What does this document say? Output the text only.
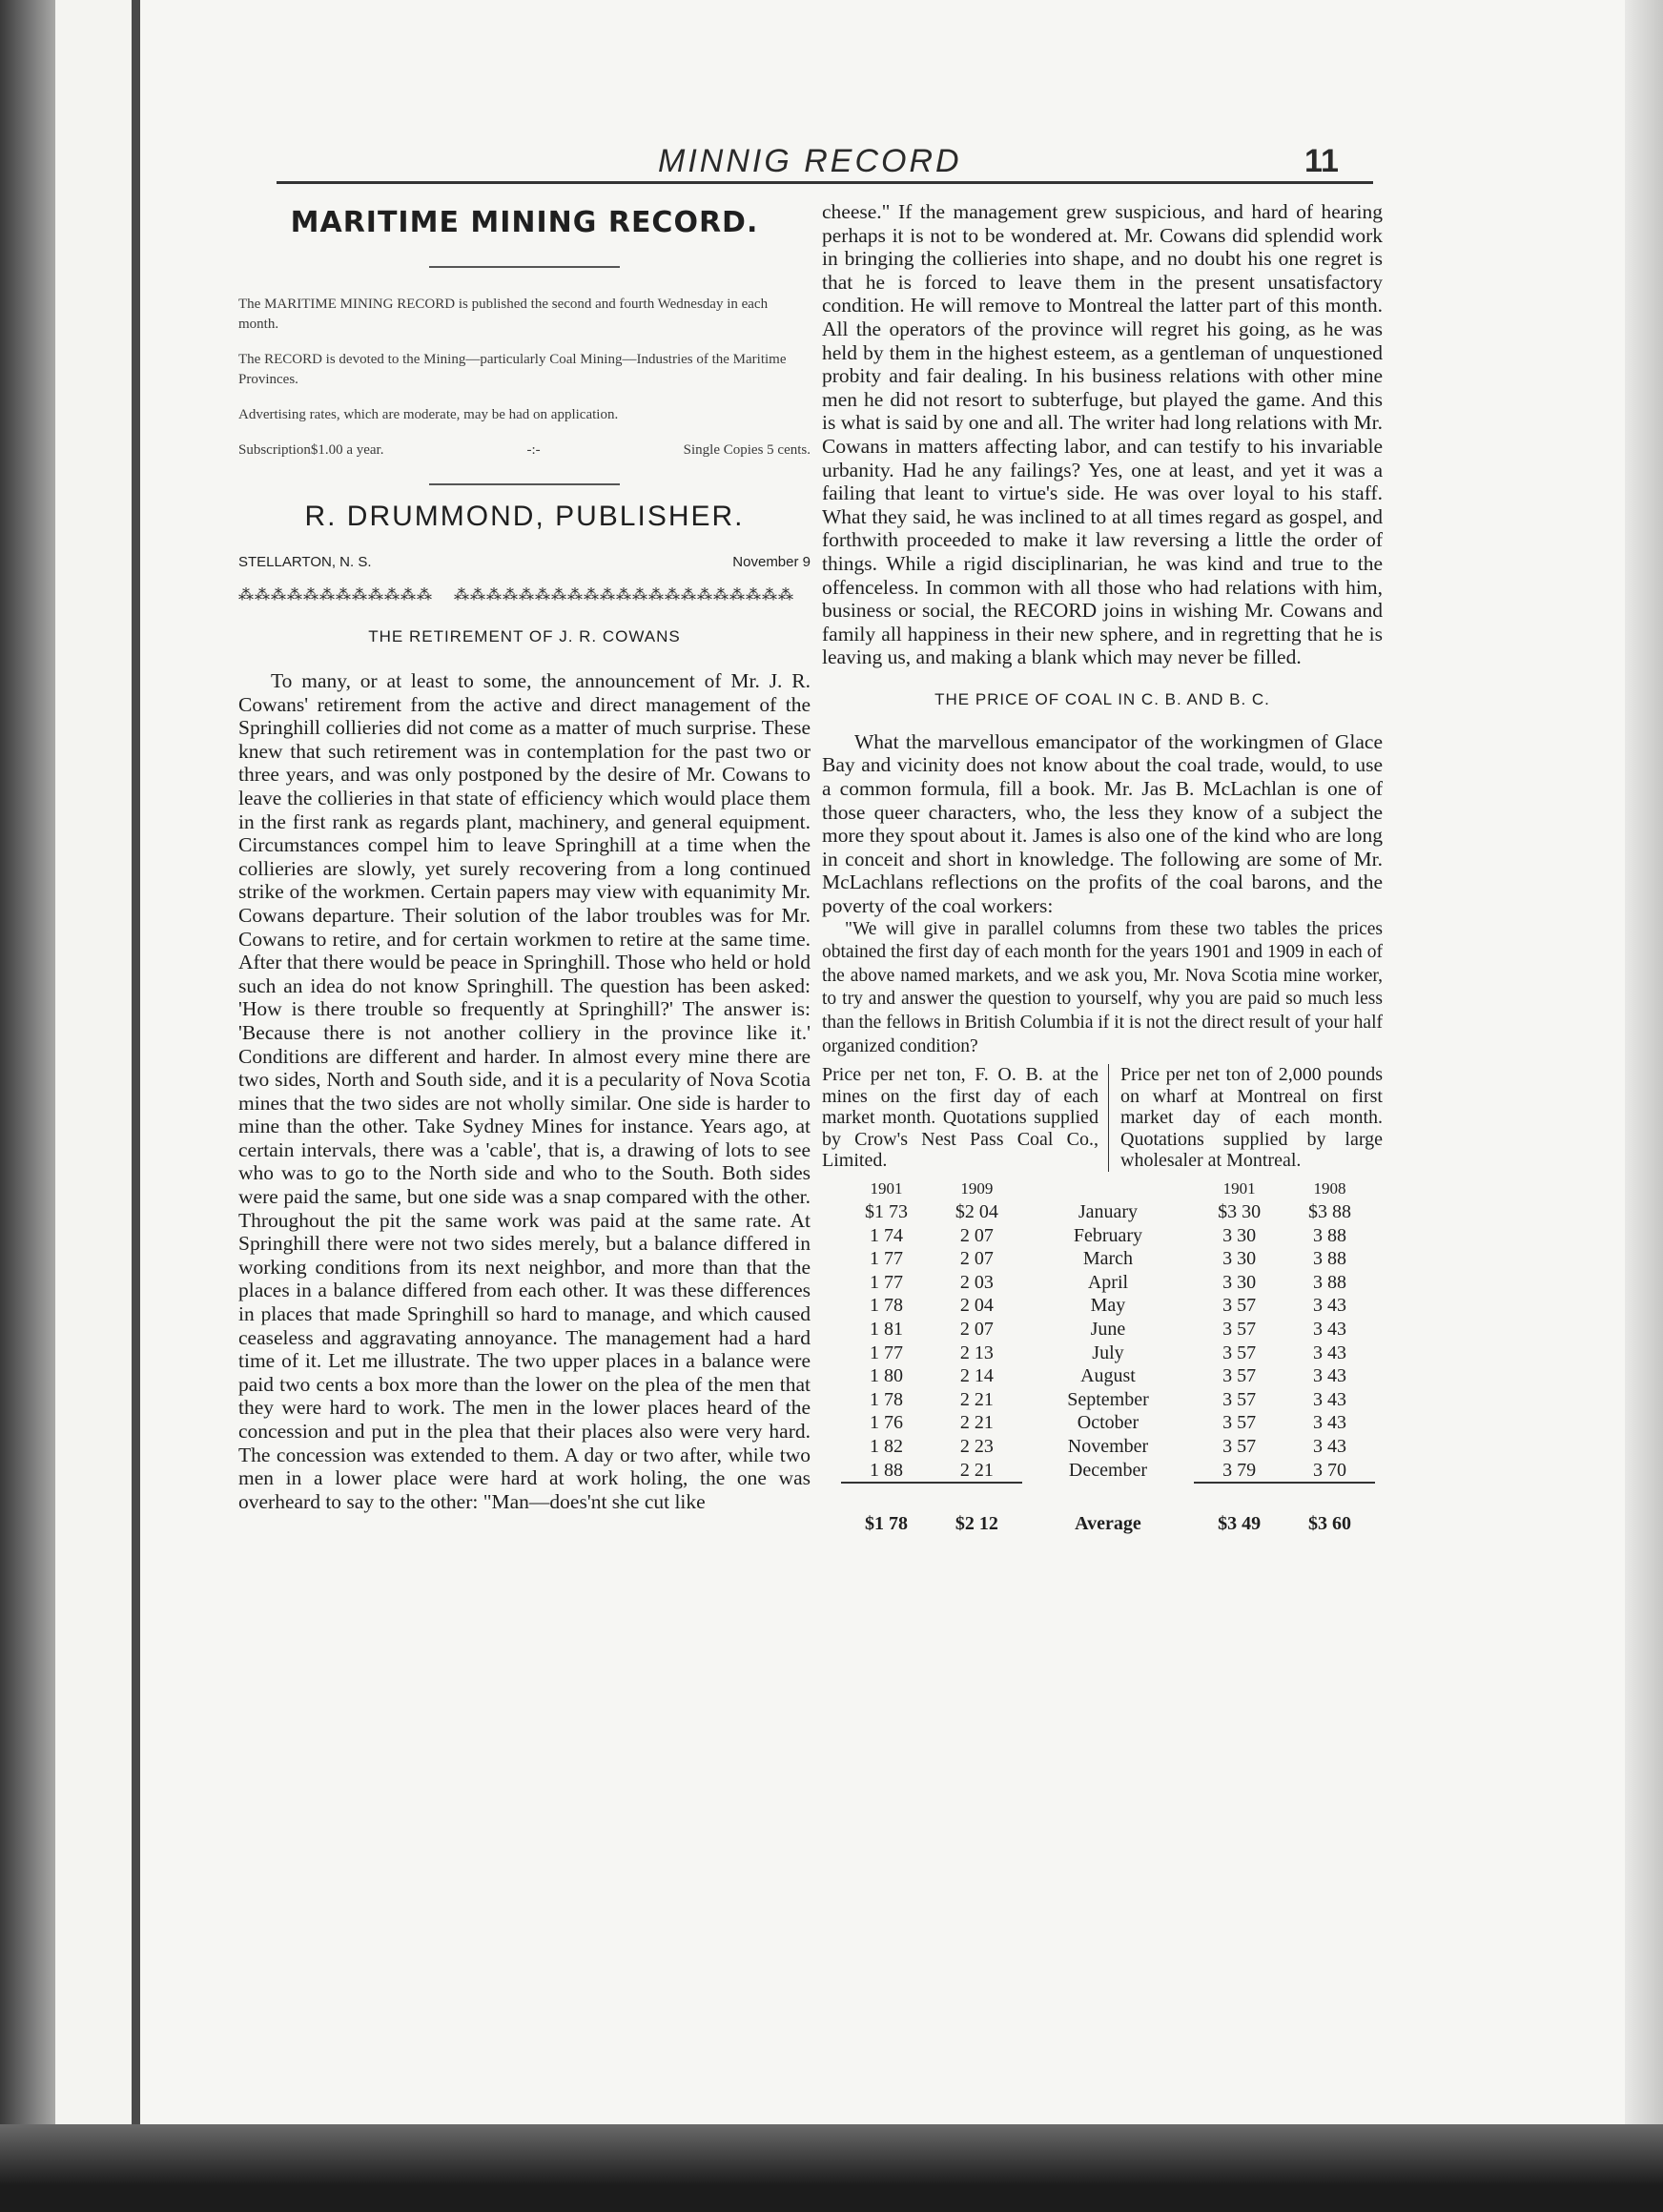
MINNIG RECORD	11
MARITIME MINING RECORD.

The MARITIME MINING RECORD is published the second and fourth Wednesday in each month.

The RECORD is devoted to the Mining—particularly Coal Mining—Industries of the Maritime Provinces.

Advertising rates, which are moderate, may be had on application.

Subscription$1.00 a year.	-:-	Single Copies 5 cents.
R. DRUMMOND, PUBLISHER.
STELLARTON, N. S.	November 9
⁂⁂⁂⁂⁂⁂⁂⁂⁂⁂⁂⁂ ⁂⁂⁂⁂⁂⁂⁂⁂⁂⁂⁂⁂⁂⁂⁂⁂⁂⁂⁂⁂⁂
THE RETIREMENT OF J. R. COWANS

To many, or at least to some, the announcement of Mr. J. R. Cowans' retirement from the active and direct management of the Springhill collieries did not come as a matter of much surprise. These knew that such retirement was in contemplation for the past two or three years, and was only postponed by the desire of Mr. Cowans to leave the collieries in that state of efficiency which would place them in the first rank as regards plant, machinery, and general equipment. Circumstances compel him to leave Springhill at a time when the collieries are slowly, yet surely recovering from a long continued strike of the workmen. Certain papers may view with equanimity Mr. Cowans departure. Their solution of the labor troubles was for Mr. Cowans to retire, and for certain workmen to retire at the same time. After that there would be peace in Springhill. Those who held or hold such an idea do not know Springhill. The question has been asked: 'How is there trouble so frequently at Springhill?' The answer is: 'Because there is not another colliery in the province like it.' Conditions are different and harder. In almost every mine there are two sides, North and South side, and it is a pecularity of Nova Scotia mines that the two sides are not wholly similar. One side is harder to mine than the other. Take Sydney Mines for instance. Years ago, at certain intervals, there was a 'cable', that is, a drawing of lots to see who was to go to the North side and who to the South. Both sides were paid the same, but one side was a snap compared with the other. Throughout the pit the same work was paid at the same rate. At Springhill there were not two sides merely, but a balance differed in working conditions from its next neighbor, and more than that the places in a balance differed from each other. It was these differences in places that made Springhill so hard to manage, and which caused ceaseless and aggravating annoyance. The management had a hard time of it. Let me illustrate. The two upper places in a balance were paid two cents a box more than the lower on the plea of the men that they were hard to work. The men in the lower places heard of the concession and put in the plea that their places also were very hard. The concession was extended to them. A day or two after, while two men in a lower place were hard at work holing, the one was overheard to say to the other: "Man—does'nt she cut like

cheese." If the management grew suspicious, and hard of hearing perhaps it is not to be wondered at. Mr. Cowans did splendid work in bringing the collieries into shape, and no doubt his one regret is that he is forced to leave them in the present unsatisfactory condition. He will remove to Montreal the latter part of this month. All the operators of the province will regret his going, as he was held by them in the highest esteem, as a gentleman of unquestioned probity and fair dealing. In his business relations with other mine men he did not resort to subterfuge, but played the game. And this is what is said by one and all. The writer had long relations with Mr. Cowans in matters affecting labor, and can testify to his invariable urbanity. Had he any failings? Yes, one at least, and yet it was a failing that leant to virtue's side. He was over loyal to his staff. What they said, he was inclined to at all times regard as gospel, and forthwith proceeded to make it law reversing a little the order of things. While a rigid disciplinarian, he was kind and true to the offenceless. In common with all those who had relations with him, business or social, the RECORD joins in wishing Mr. Cowans and family all happiness in their new sphere, and in regretting that he is leaving us, and making a blank which may never be filled.

THE PRICE OF COAL IN C. B. AND B. C.

What the marvellous emancipator of the workingmen of Glace Bay and vicinity does not know about the coal trade, would, to use a common formula, fill a book. Mr. Jas B. McLachlan is one of those queer characters, who, the less they know of a subject the more they spout about it. James is also one of the kind who are long in conceit and short in knowledge. The following are some of Mr. McLachlans reflections on the profits of the coal barons, and the poverty of the coal workers:

"We will give in parallel columns from these two tables the prices obtained the first day of each month for the years 1901 and 1909 in each of the above named markets, and we ask you, Mr. Nova Scotia mine worker, to try and answer the question to yourself, why you are paid so much less than the fellows in British Columbia if it is not the direct result of your half organized condition?

Price per net ton, F. O. B. at the mines on the first day of each market month. Quotations supplied by Crow's Nest Pass Coal Co., Limited.
Price per net ton of 2,000 pounds on wharf at Montreal on first market day of each month. Quotations supplied by large wholesaler at Montreal.
1901	1909		1901	1908
$1 73	$2 04	January	$3 30	$3 88
1 74	2 07	February	3 30	3 88
1 77	2 07	March	3 30	3 88
1 77	2 03	April	3 30	3 88
1 78	2 04	May	3 57	3 43
1 81	2 07	June	3 57	3 43
1 77	2 13	July	3 57	3 43
1 80	2 14	August	3 57	3 43
1 78	2 21	September	3 57	3 43
1 76	2 21	October	3 57	3 43
1 82	2 23	November	3 57	3 43
1 88	2 21	December	3 79	3 70
$1 78	$2 12	Average	$3 49	$3 60
